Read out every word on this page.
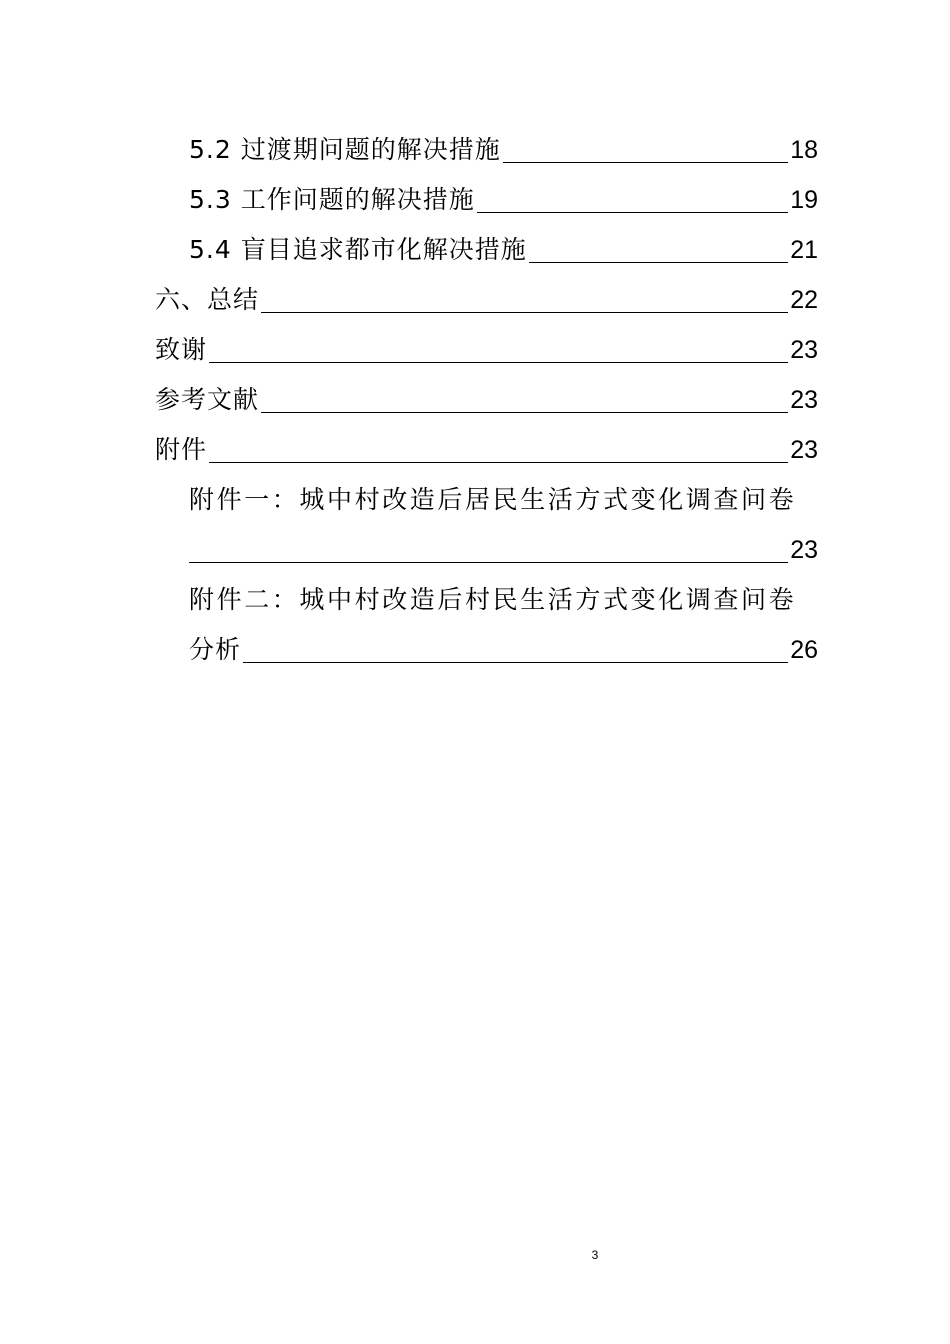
5.2 过渡期问题的解决措施	18
5.3 工作问题的解决措施	19
5.4 盲目追求都市化解决措施	21
六、总结	22
致谢	23
参考文献	23
附件	23
附件一：城中村改造后居民生活方式变化调查问卷
23
附件二：城中村改造后村民生活方式变化调查问卷
分析	26
3
